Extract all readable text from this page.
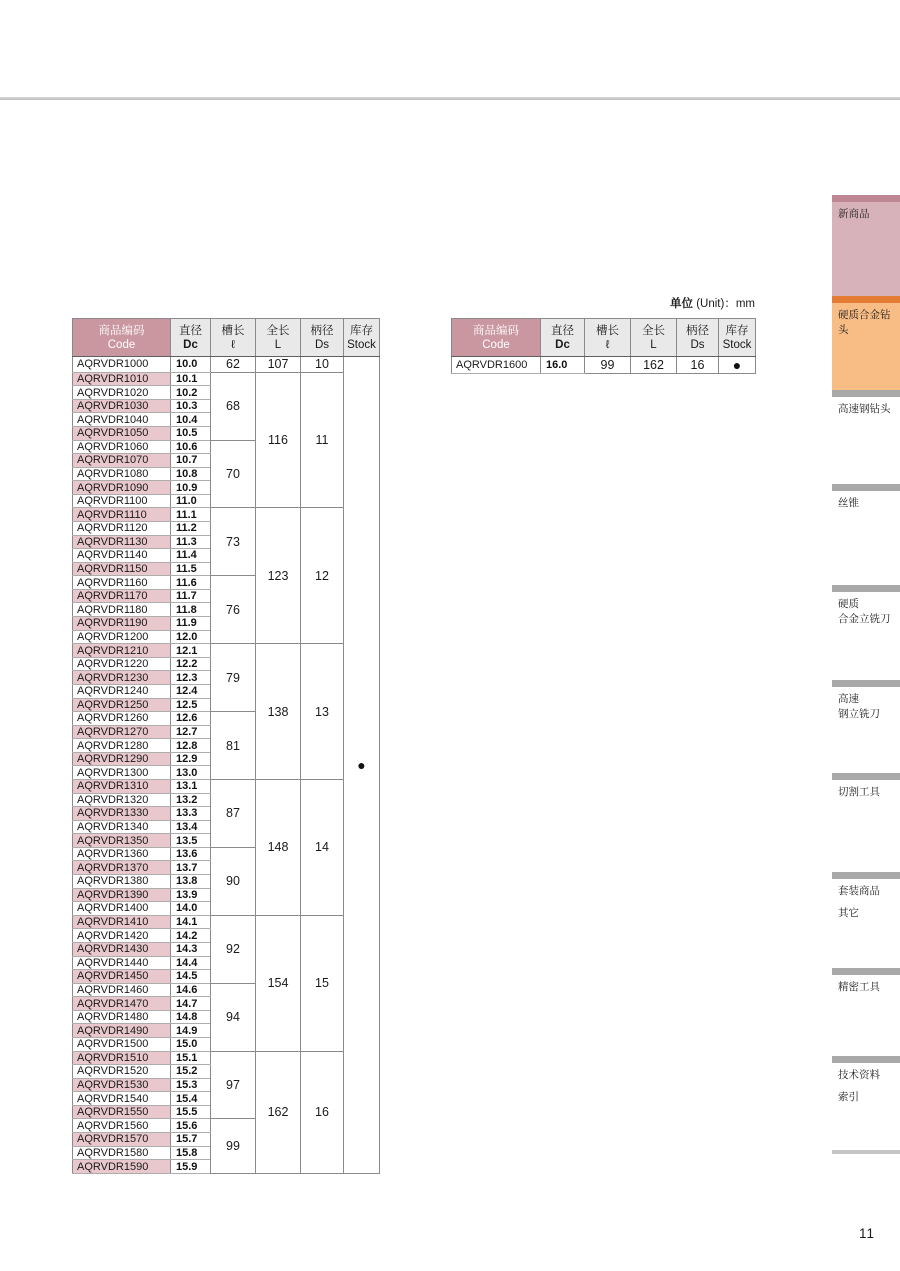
单位 (Unit)：mm
商品编码
Code

直径
Dc

槽长
ℓ

全长
L

柄径
Ds

库存
Stock

AQRVDR1000	10.0	62	107	10	●
AQRVDR1010	10.1	68	116	11	
AQRVDR1020	10.2				
AQRVDR1030	10.3				
AQRVDR1040	10.4				
AQRVDR1050	10.5				
AQRVDR1060	10.6	70			
AQRVDR1070	10.7				
AQRVDR1080	10.8				
AQRVDR1090	10.9				
AQRVDR1100	11.0				
AQRVDR1110	11.1	73	123	12	
AQRVDR1120	11.2				
AQRVDR1130	11.3				
AQRVDR1140	11.4				
AQRVDR1150	11.5				
AQRVDR1160	11.6	76			
AQRVDR1170	11.7				
AQRVDR1180	11.8				
AQRVDR1190	11.9				
AQRVDR1200	12.0				
AQRVDR1210	12.1	79	138	13	
AQRVDR1220	12.2				
AQRVDR1230	12.3				
AQRVDR1240	12.4				
AQRVDR1250	12.5				
AQRVDR1260	12.6	81			
AQRVDR1270	12.7				
AQRVDR1280	12.8				
AQRVDR1290	12.9				
AQRVDR1300	13.0				
AQRVDR1310	13.1	87	148	14	
AQRVDR1320	13.2				
AQRVDR1330	13.3				
AQRVDR1340	13.4				
AQRVDR1350	13.5				
AQRVDR1360	13.6	90			
AQRVDR1370	13.7				
AQRVDR1380	13.8				
AQRVDR1390	13.9				
AQRVDR1400	14.0				
AQRVDR1410	14.1	92	154	15	
AQRVDR1420	14.2				
AQRVDR1430	14.3				
AQRVDR1440	14.4				
AQRVDR1450	14.5				
AQRVDR1460	14.6	94			
AQRVDR1470	14.7				
AQRVDR1480	14.8				
AQRVDR1490	14.9				
AQRVDR1500	15.0				
AQRVDR1510	15.1	97	162	16	
AQRVDR1520	15.2				
AQRVDR1530	15.3				
AQRVDR1540	15.4				
AQRVDR1550	15.5				
AQRVDR1560	15.6	99			
AQRVDR1570	15.7				
AQRVDR1580	15.8				
AQRVDR1590	15.9				
商品编码
Code

直径
Dc

槽长
ℓ

全长
L

柄径
Ds

库存
Stock

AQRVDR1600	16.0	99	162	16	●
新商品
硬质合金钻头
高速钢钻头
丝锥
硬质
合金立铣刀
高速
钢立铣刀
切割工具
套装商品
其它
精密工具
技术资料
索引
11
